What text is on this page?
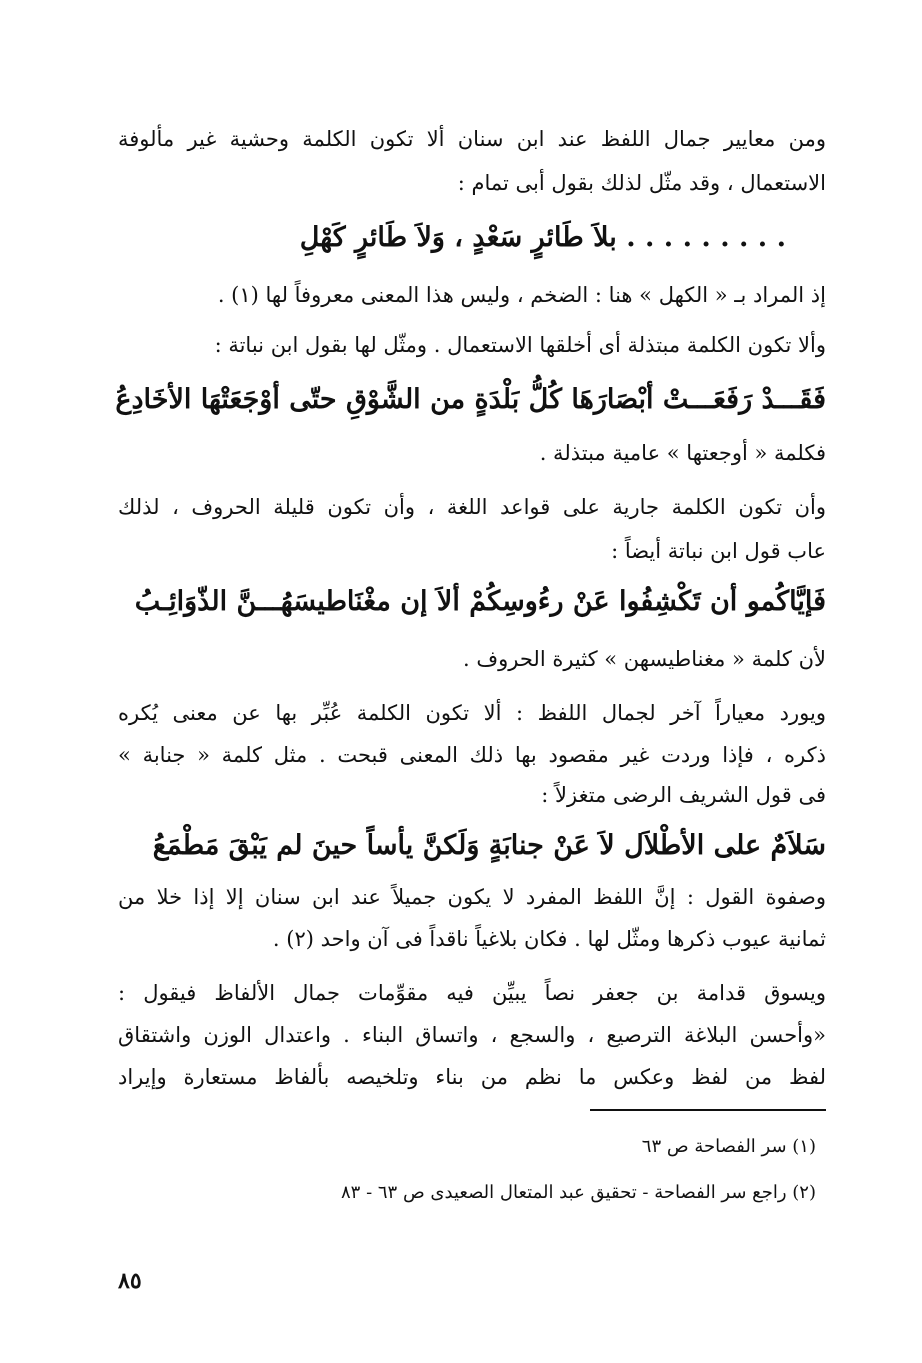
ومن معايير جمال اللفظ عند ابن سنان ألا تكون الكلمة وحشية غير مألوفة
الاستعمال ، وقد مثّل لذلك بقول أبى تمام :
. . . . . . . . . بلاَ طَائرٍ سَعْدٍ ، وَلاَ طَائرٍ كَهْلِ
إذ المراد بـ « الكهل » هنا : الضخم ، وليس هذا المعنى معروفاً لها (١) .
وألا تكون الكلمة مبتذلة أى أخلقها الاستعمال . ومثّل لها بقول ابن نباتة :
فَقَـــدْ رَفَعَـــتْ أبْصَارَهَا كُلُّ بَلْدَةٍ من الشَّوْقِ حتّى أوْجَعَتْهَا الأخَادِعُ
فكلمة « أوجعتها » عامية مبتذلة .
وأن تكون الكلمة جارية على قواعد اللغة ، وأن تكون قليلة الحروف ، لذلك
عاب قول ابن نباتة أيضاً :
فَإيَّاكُمو أن تَكْشِفُوا عَنْ رءُوسِكُمْ ألاَ إن مغْنَاطيسَهُـــنَّ الذّوَائِـبُ
لأن كلمة « مغناطيسهن » كثيرة الحروف .
ويورد معياراً آخر لجمال اللفظ : ألا تكون الكلمة عُبِّر بها عن معنى يُكره
ذكره ، فإذا وردت غير مقصود بها ذلك المعنى قبحت . مثل كلمة « جنابة »
فى قول الشريف الرضى متغزلاً :
سَلاَمٌ على الأطْلاَل لاَ عَنْ جنابَةٍ وَلَكنَّ يأساً حينَ لم يَبْقَ مَطْمَعُ
وصفوة القول : إنَّ اللفظ المفرد لا يكون جميلاً عند ابن سنان إلا إذا خلا من
ثمانية عيوب ذكرها ومثّل لها . فكان بلاغياً ناقداً فى آن واحد (٢) .
ويسوق قدامة بن جعفر نصاً يبيِّن فيه مقوِّمات جمال الألفاظ فيقول :
«وأحسن البلاغة الترصيع ، والسجع ، واتساق البناء . واعتدال الوزن واشتقاق
لفظ من لفظ وعكس ما نظم من بناء وتلخيصه بألفاظ مستعارة وإيراد
(١) سر الفصاحة ص ٦٣
(٢) راجع سر الفصاحة - تحقيق عبد المتعال الصعيدى ص ٦٣ - ٨٣
٨٥
